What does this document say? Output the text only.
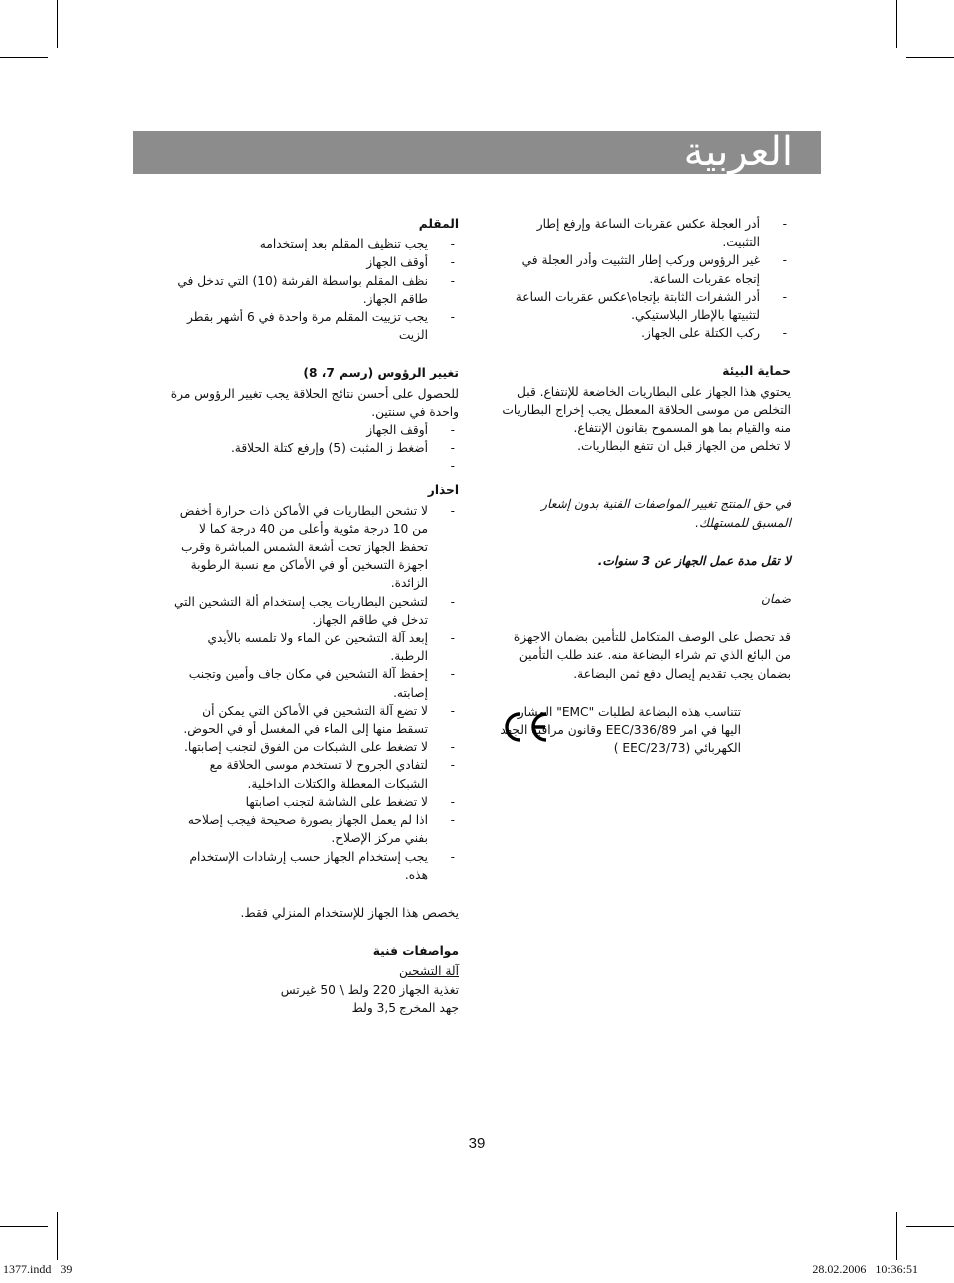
العربية
-
أدر العجلة عكس عقربات الساعة وإرفع إطار التثبيت.
-
غير الرؤوس وركب إطار التثبيت وأدر العجلة في إتجاه عقربات الساعة.
-
أدر الشفرات الثابتة بإتجاه\عكس عقربات الساعة لتثبيتها بالإطار البلاستيكي.
-
ركب الكتلة على الجهاز.
حماية البيئة

يحتوي هذا الجهاز على البطاريات الخاضعة للإنتفاع. قبل التخلص من موسى الحلاقة المعطل يجب إخراج البطاريات منه والقيام بما هو المسموح بقانون الإنتفاع.

لا تخلص من الجهاز قبل ان تتفع البطاريات.

في حق المنتج تغيير المواصفات الفنية بدون إشعار المسبق للمستهلك.

لا تقل مدة عمل الجهاز عن 3 سنوات.

ضمان

قد تحصل على الوصف المتكامل للتأمين بضمان الاجهزة من البائع الذي تم شراء البضاعة منه. عند طلب التأمين بضمان يجب تقديم إيصال دفع ثمن البضاعة.

تتناسب هذه البضاعة لطلبات "EMC" المشار اليها في امر EEC/336/89 وقانون مراقبة الجهد الكهربائي (EEC/23/73 )

المقلم
-
يجب تنظيف المقلم بعد إستخدامه
-
أوقف الجهاز
-
نظف المقلم بواسطة الفرشة (10) التي تدخل في طاقم الجهاز.
-
يجب تزييت المقلم مرة واحدة في 6 أشهر بقطر الزيت
تغيير الرؤوس (رسم 7، 8)

للحصول على أحسن نتائج الحلاقة يجب تغيير الرؤوس مرة واحدة في سنتين.

-
أوقف الجهاز
-
أضغط ز المثبت (5) وإرفع كتلة الحلاقة.
-
احذار
-
لا تشحن البطاريات في الأماكن ذات حرارة أخفض من 10 درجة مئوية وأعلى من 40 درجة كما لا تحفظ الجهاز تحت أشعة الشمس المباشرة وقرب اجهزة التسخين أو في الأماكن مع نسبة الرطوبة الزائدة.
-
لتشحين البطاريات يجب إستخدام ألة التشحين التي تدخل في طاقم الجهاز.
-
إبعد آلة التشحين عن الماء ولا تلمسه بالأيدي الرطبة.
-
إحفظ آلة التشحين في مكان جاف وأمين وتجنب إصابته.
-
لا تضع آلة التشحين في الأماكن التي يمكن أن تسقط منها إلى الماء في المغسل أو في الحوض.
-
لا تضغط على الشبكات من الفوق لتجنب إصابتها.
-
لتفادي الجروح لا تستخدم موسى الحلاقة مع الشبكات المعطلة والكتلات الداخلية.
-
لا تضغط على الشاشة لتجنب اصابتها
-
اذا لم يعمل الجهاز بصورة صحيحة فيجب إصلاحه بفني مركز الإصلاح.
-
يجب إستخدام الجهاز حسب إرشادات الإستخدام هذه.

يخصص هذا الجهاز للإستخدام المنزلي فقط.

مواصفات فنية

آلة التشحين

تغذية الجهاز
220 ولط \ 50 غيرتس
جهد المخرج
3,5 ولط
39
1377.indd   39	28.02.2006   10:36:51
